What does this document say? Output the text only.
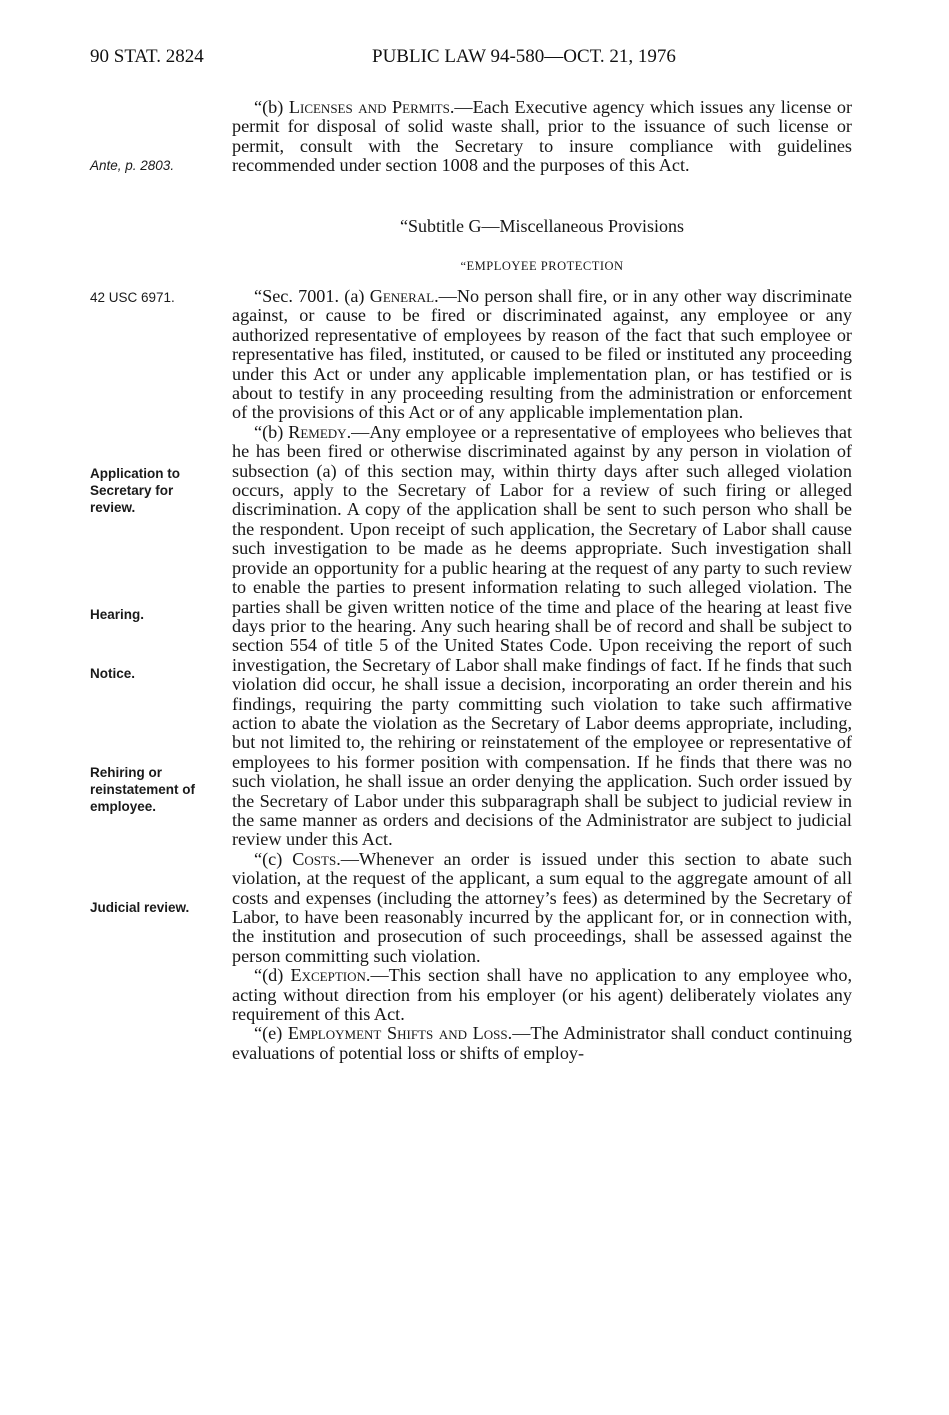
90 STAT. 2824	PUBLIC LAW 94-580—OCT. 21, 1976
Ante, p. 2803.
42 USC 6971.
Application to
Secretary for
review.
Hearing.
Notice.
Rehiring or
reinstatement of
employee.
Judicial review.

“(b) Licenses and Permits.—Each Executive agency which issues any license or permit for disposal of solid waste shall, prior to the issuance of such license or permit, consult with the Secretary to insure compliance with guidelines recommended under section 1008 and the purposes of this Act.

“Subtitle G—Miscellaneous Provisions
“EMPLOYEE PROTECTION

“Sec. 7001. (a) General.—No person shall fire, or in any other way discriminate against, or cause to be fired or discriminated against, any employee or any authorized representative of employees by reason of the fact that such employee or representative has filed, instituted, or caused to be filed or instituted any proceeding under this Act or under any applicable implementation plan, or has testified or is about to testify in any proceeding resulting from the administration or enforcement of the provisions of this Act or of any applicable implementation plan.

“(b) Remedy.—Any employee or a representative of employees who believes that he has been fired or otherwise discriminated against by any person in violation of subsection (a) of this section may, within thirty days after such alleged violation occurs, apply to the Secretary of Labor for a review of such firing or alleged discrimination. A copy of the application shall be sent to such person who shall be the respondent. Upon receipt of such application, the Secretary of Labor shall cause such investigation to be made as he deems appropriate. Such investigation shall provide an opportunity for a public hearing at the request of any party to such review to enable the parties to present information relating to such alleged violation. The parties shall be given written notice of the time and place of the hearing at least five days prior to the hearing. Any such hearing shall be of record and shall be subject to section 554 of title 5 of the United States Code. Upon receiving the report of such investigation, the Secretary of Labor shall make findings of fact. If he finds that such violation did occur, he shall issue a decision, incorporating an order therein and his findings, requiring the party committing such violation to take such affirmative action to abate the violation as the Secretary of Labor deems appropriate, including, but not limited to, the rehiring or reinstatement of the employee or representative of employees to his former position with compensation. If he finds that there was no such violation, he shall issue an order denying the application. Such order issued by the Secretary of Labor under this subparagraph shall be subject to judicial review in the same manner as orders and decisions of the Administrator are subject to judicial review under this Act.

“(c) Costs.—Whenever an order is issued under this section to abate such violation, at the request of the applicant, a sum equal to the aggregate amount of all costs and expenses (including the attorney’s fees) as determined by the Secretary of Labor, to have been reasonably incurred by the applicant for, or in connection with, the institution and prosecution of such proceedings, shall be assessed against the person committing such violation.

“(d) Exception.—This section shall have no application to any employee who, acting without direction from his employer (or his agent) deliberately violates any requirement of this Act.

“(e) Employment Shifts and Loss.—The Administrator shall conduct continuing evaluations of potential loss or shifts of employ-
